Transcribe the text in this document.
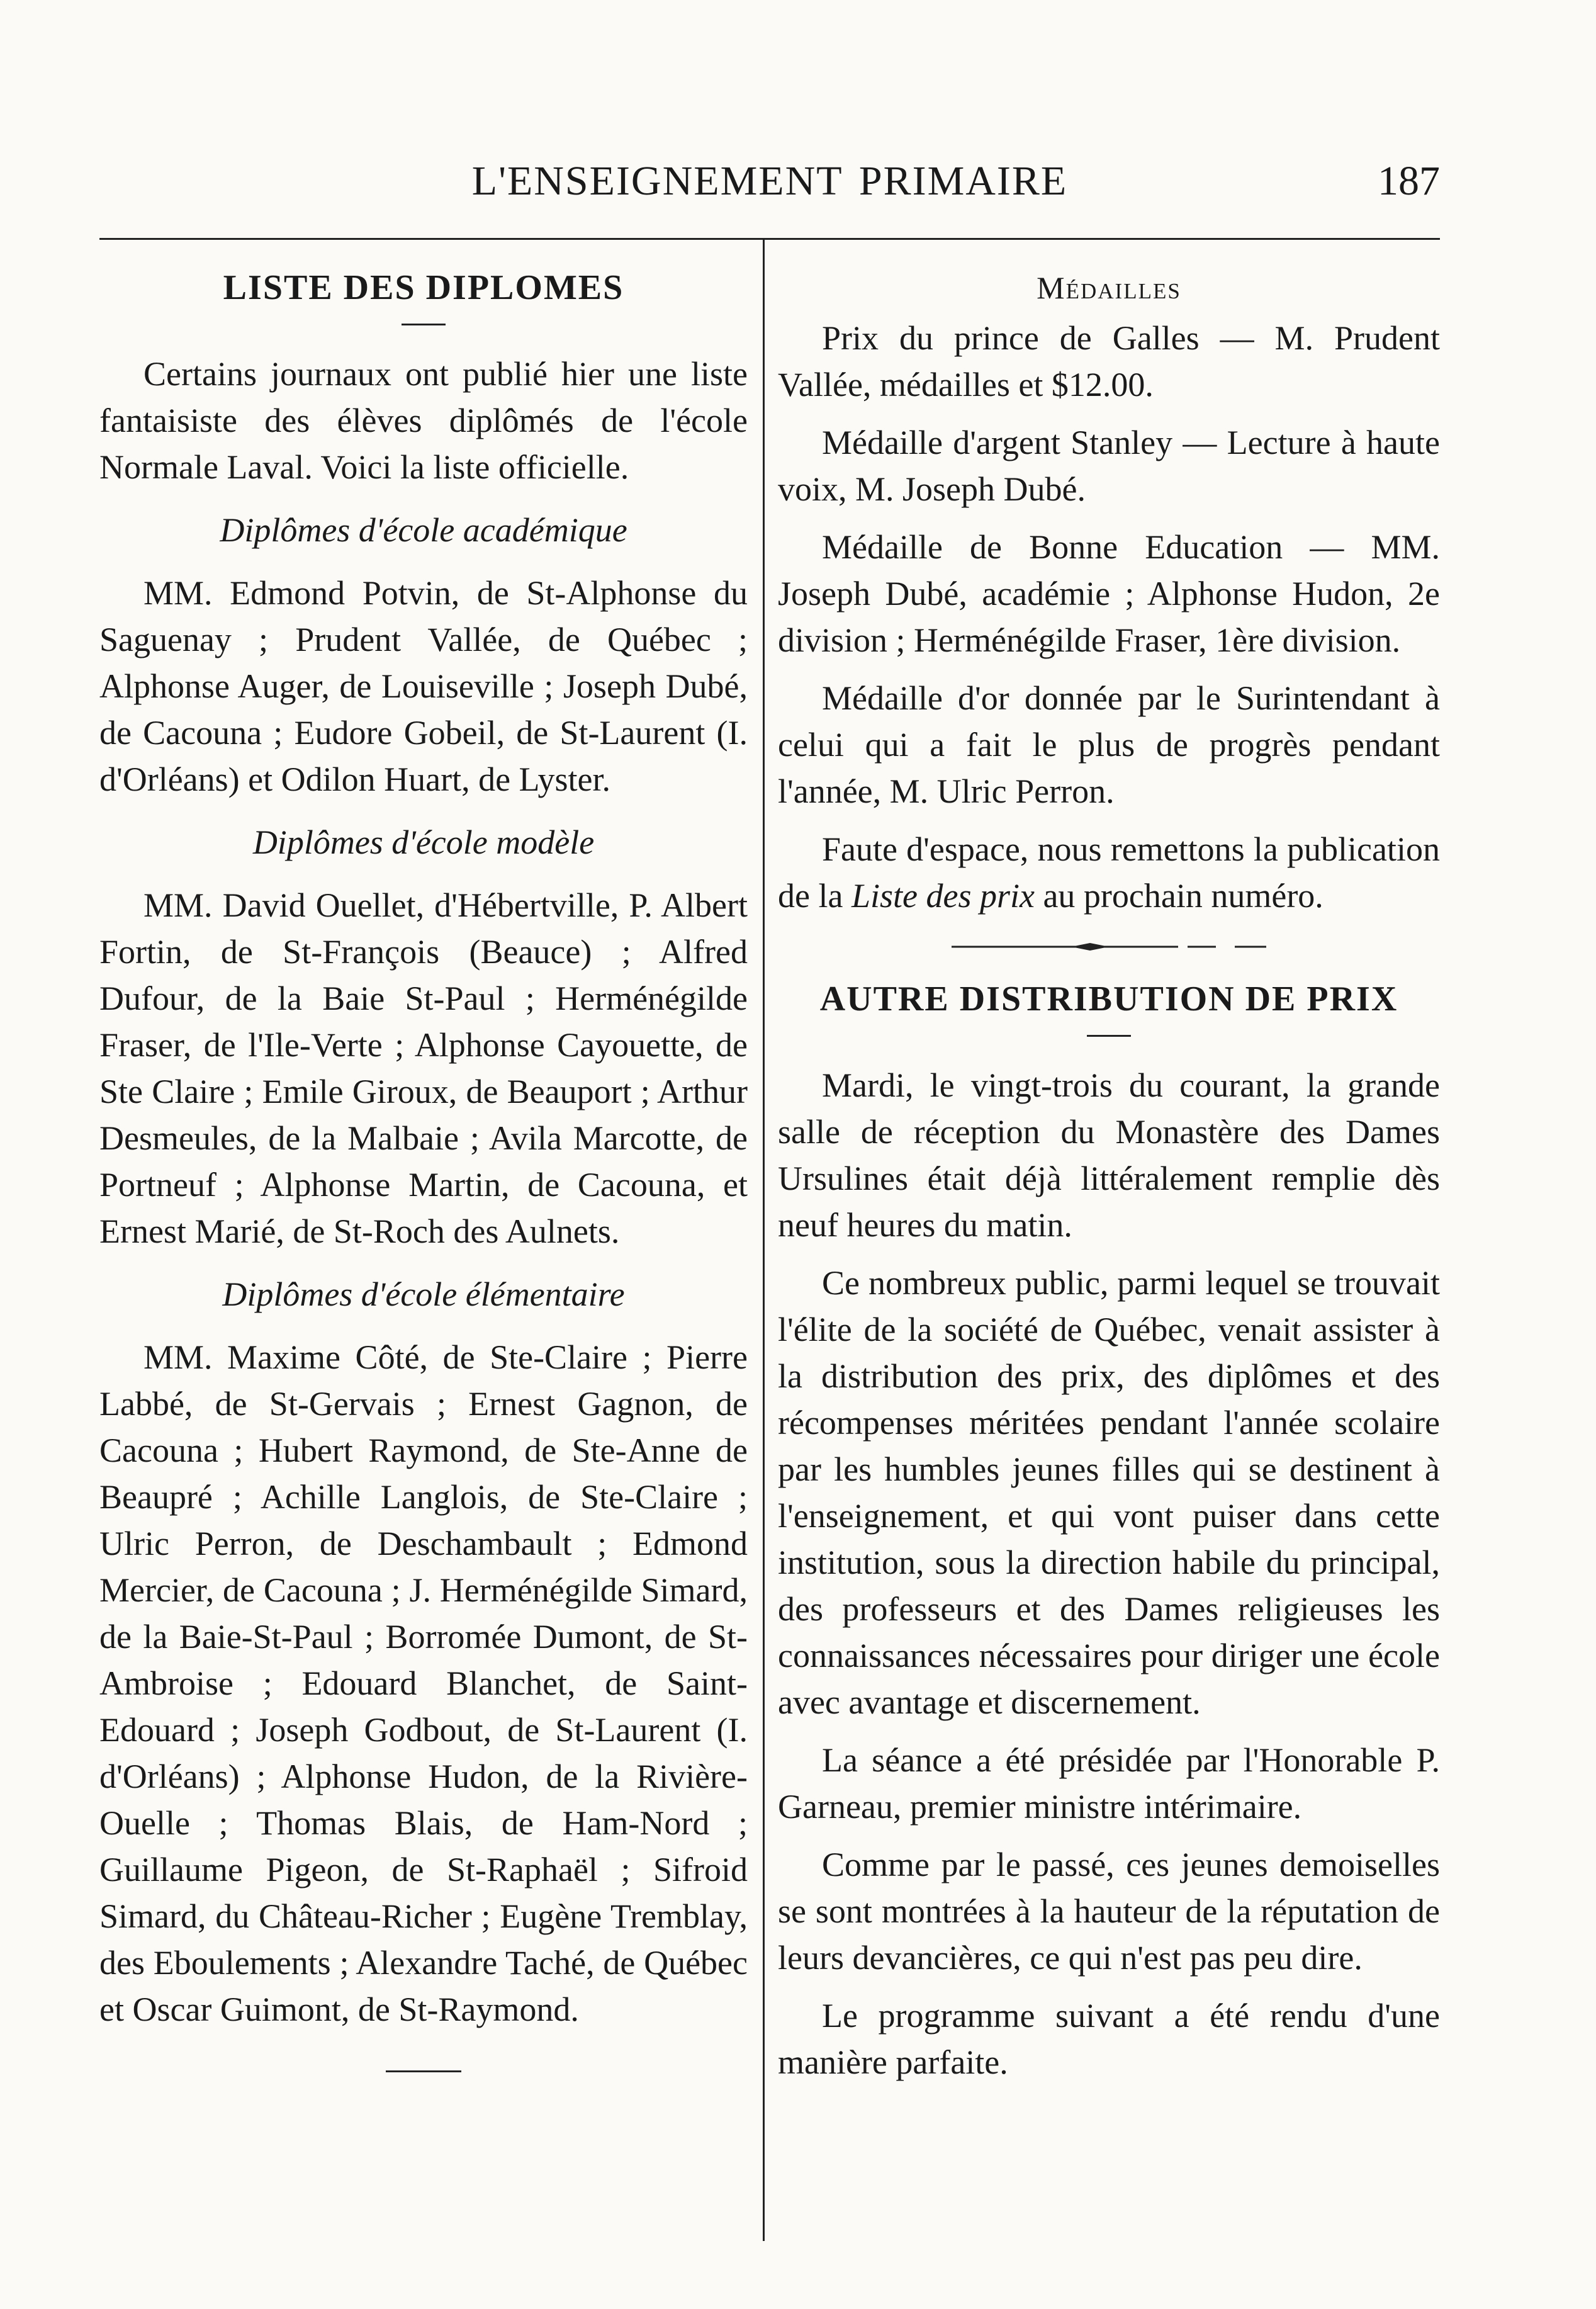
L'ENSEIGNEMENT PRIMAIRE	187
LISTE DES DIPLOMES

Certains journaux ont publié hier une liste fantaisiste des élèves diplômés de l'école Normale Laval. Voici la liste officielle.

Diplômes d'école académique

MM. Edmond Potvin, de St-Alphonse du Saguenay ; Prudent Vallée, de Québec ; Alphonse Auger, de Louiseville ; Joseph Dubé, de Cacouna ; Eudore Gobeil, de St-Laurent (I. d'Orléans) et Odilon Huart, de Lyster.

Diplômes d'école modèle

MM. David Ouellet, d'Hébertville, P. Albert Fortin, de St-François (Beauce) ; Alfred Dufour, de la Baie St-Paul ; Herménégilde Fraser, de l'Ile-Verte ; Alphonse Cayouette, de Ste Claire ; Emile Giroux, de Beauport ; Arthur Desmeules, de la Malbaie ; Avila Marcotte, de Portneuf ; Alphonse Martin, de Cacouna, et Ernest Marié, de St-Roch des Aulnets.

Diplômes d'école élémentaire

MM. Maxime Côté, de Ste-Claire ; Pierre Labbé, de St-Gervais ; Ernest Gagnon, de Cacouna ; Hubert Raymond, de Ste-Anne de Beaupré ; Achille Langlois, de Ste-Claire ; Ulric Perron, de Deschambault ; Edmond Mercier, de Cacouna ; J. Herménégilde Simard, de la Baie-St-Paul ; Borromée Dumont, de St-Ambroise ; Edouard Blanchet, de Saint-Edouard ; Joseph Godbout, de St-Laurent (I. d'Orléans) ; Alphonse Hudon, de la Rivière-Ouelle ; Thomas Blais, de Ham-Nord ; Guillaume Pigeon, de St-Raphaël ; Sifroid Simard, du Château-Richer ; Eugène Tremblay, des Eboulements ; Alexandre Taché, de Québec et Oscar Guimont, de St-Raymond.

Médailles

Prix du prince de Galles — M. Prudent Vallée, médailles et $12.00.

Médaille d'argent Stanley — Lecture à haute voix, M. Joseph Dubé.

Médaille de Bonne Education — MM. Joseph Dubé, académie ; Alphonse Hudon, 2e division ; Herménégilde Fraser, 1ère division.

Médaille d'or donnée par le Surintendant à celui qui a fait le plus de progrès pendant l'année, M. Ulric Perron.

Faute d'espace, nous remettons la publication de la Liste des prix au prochain numéro.

AUTRE DISTRIBUTION DE PRIX

Mardi, le vingt-trois du courant, la grande salle de réception du Monastère des Dames Ursulines était déjà littéralement remplie dès neuf heures du matin.

Ce nombreux public, parmi lequel se trouvait l'élite de la société de Québec, venait assister à la distribution des prix, des diplômes et des récompenses méritées pendant l'année scolaire par les humbles jeunes filles qui se destinent à l'enseignement, et qui vont puiser dans cette institution, sous la direction habile du principal, des professeurs et des Dames religieuses les connaissances nécessaires pour diriger une école avec avantage et discernement.

La séance a été présidée par l'Honorable P. Garneau, premier ministre intérimaire.

Comme par le passé, ces jeunes demoiselles se sont montrées à la hauteur de la réputation de leurs devancières, ce qui n'est pas peu dire.

Le programme suivant a été rendu d'une manière parfaite.
